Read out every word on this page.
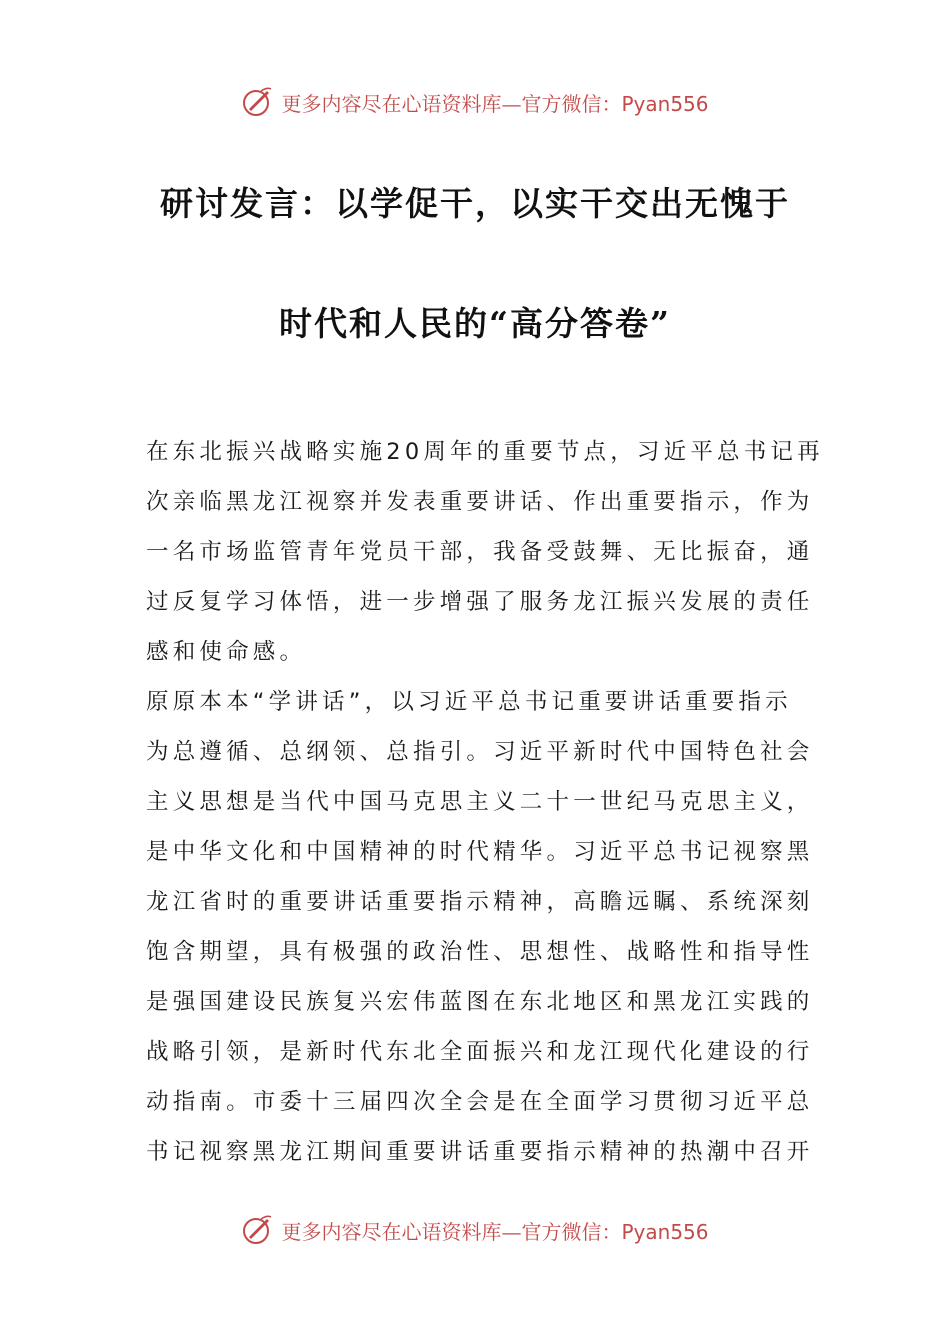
更多内容尽在心语资料库—官方微信：Pyan556
研讨发言：以学促干，以实干交出无愧于
时代和人民的“高分答卷”
在东北振兴战略实施20周年的重要节点，习近平总书记再
次亲临黑龙江视察并发表重要讲话、作出重要指示，作为
一名市场监管青年党员干部，我备受鼓舞、无比振奋，通
过反复学习体悟，进一步增强了服务龙江振兴发展的责任
感和使命感。
原原本本“学讲话”，以习近平总书记重要讲话重要指示
为总遵循、总纲领、总指引。习近平新时代中国特色社会
主义思想是当代中国马克思主义二十一世纪马克思主义，
是中华文化和中国精神的时代精华。习近平总书记视察黑
龙江省时的重要讲话重要指示精神，高瞻远瞩、系统深刻
饱含期望，具有极强的政治性、思想性、战略性和指导性
是强国建设民族复兴宏伟蓝图在东北地区和黑龙江实践的
战略引领，是新时代东北全面振兴和龙江现代化建设的行
动指南。市委十三届四次全会是在全面学习贯彻习近平总
书记视察黑龙江期间重要讲话重要指示精神的热潮中召开
更多内容尽在心语资料库—官方微信：Pyan556
